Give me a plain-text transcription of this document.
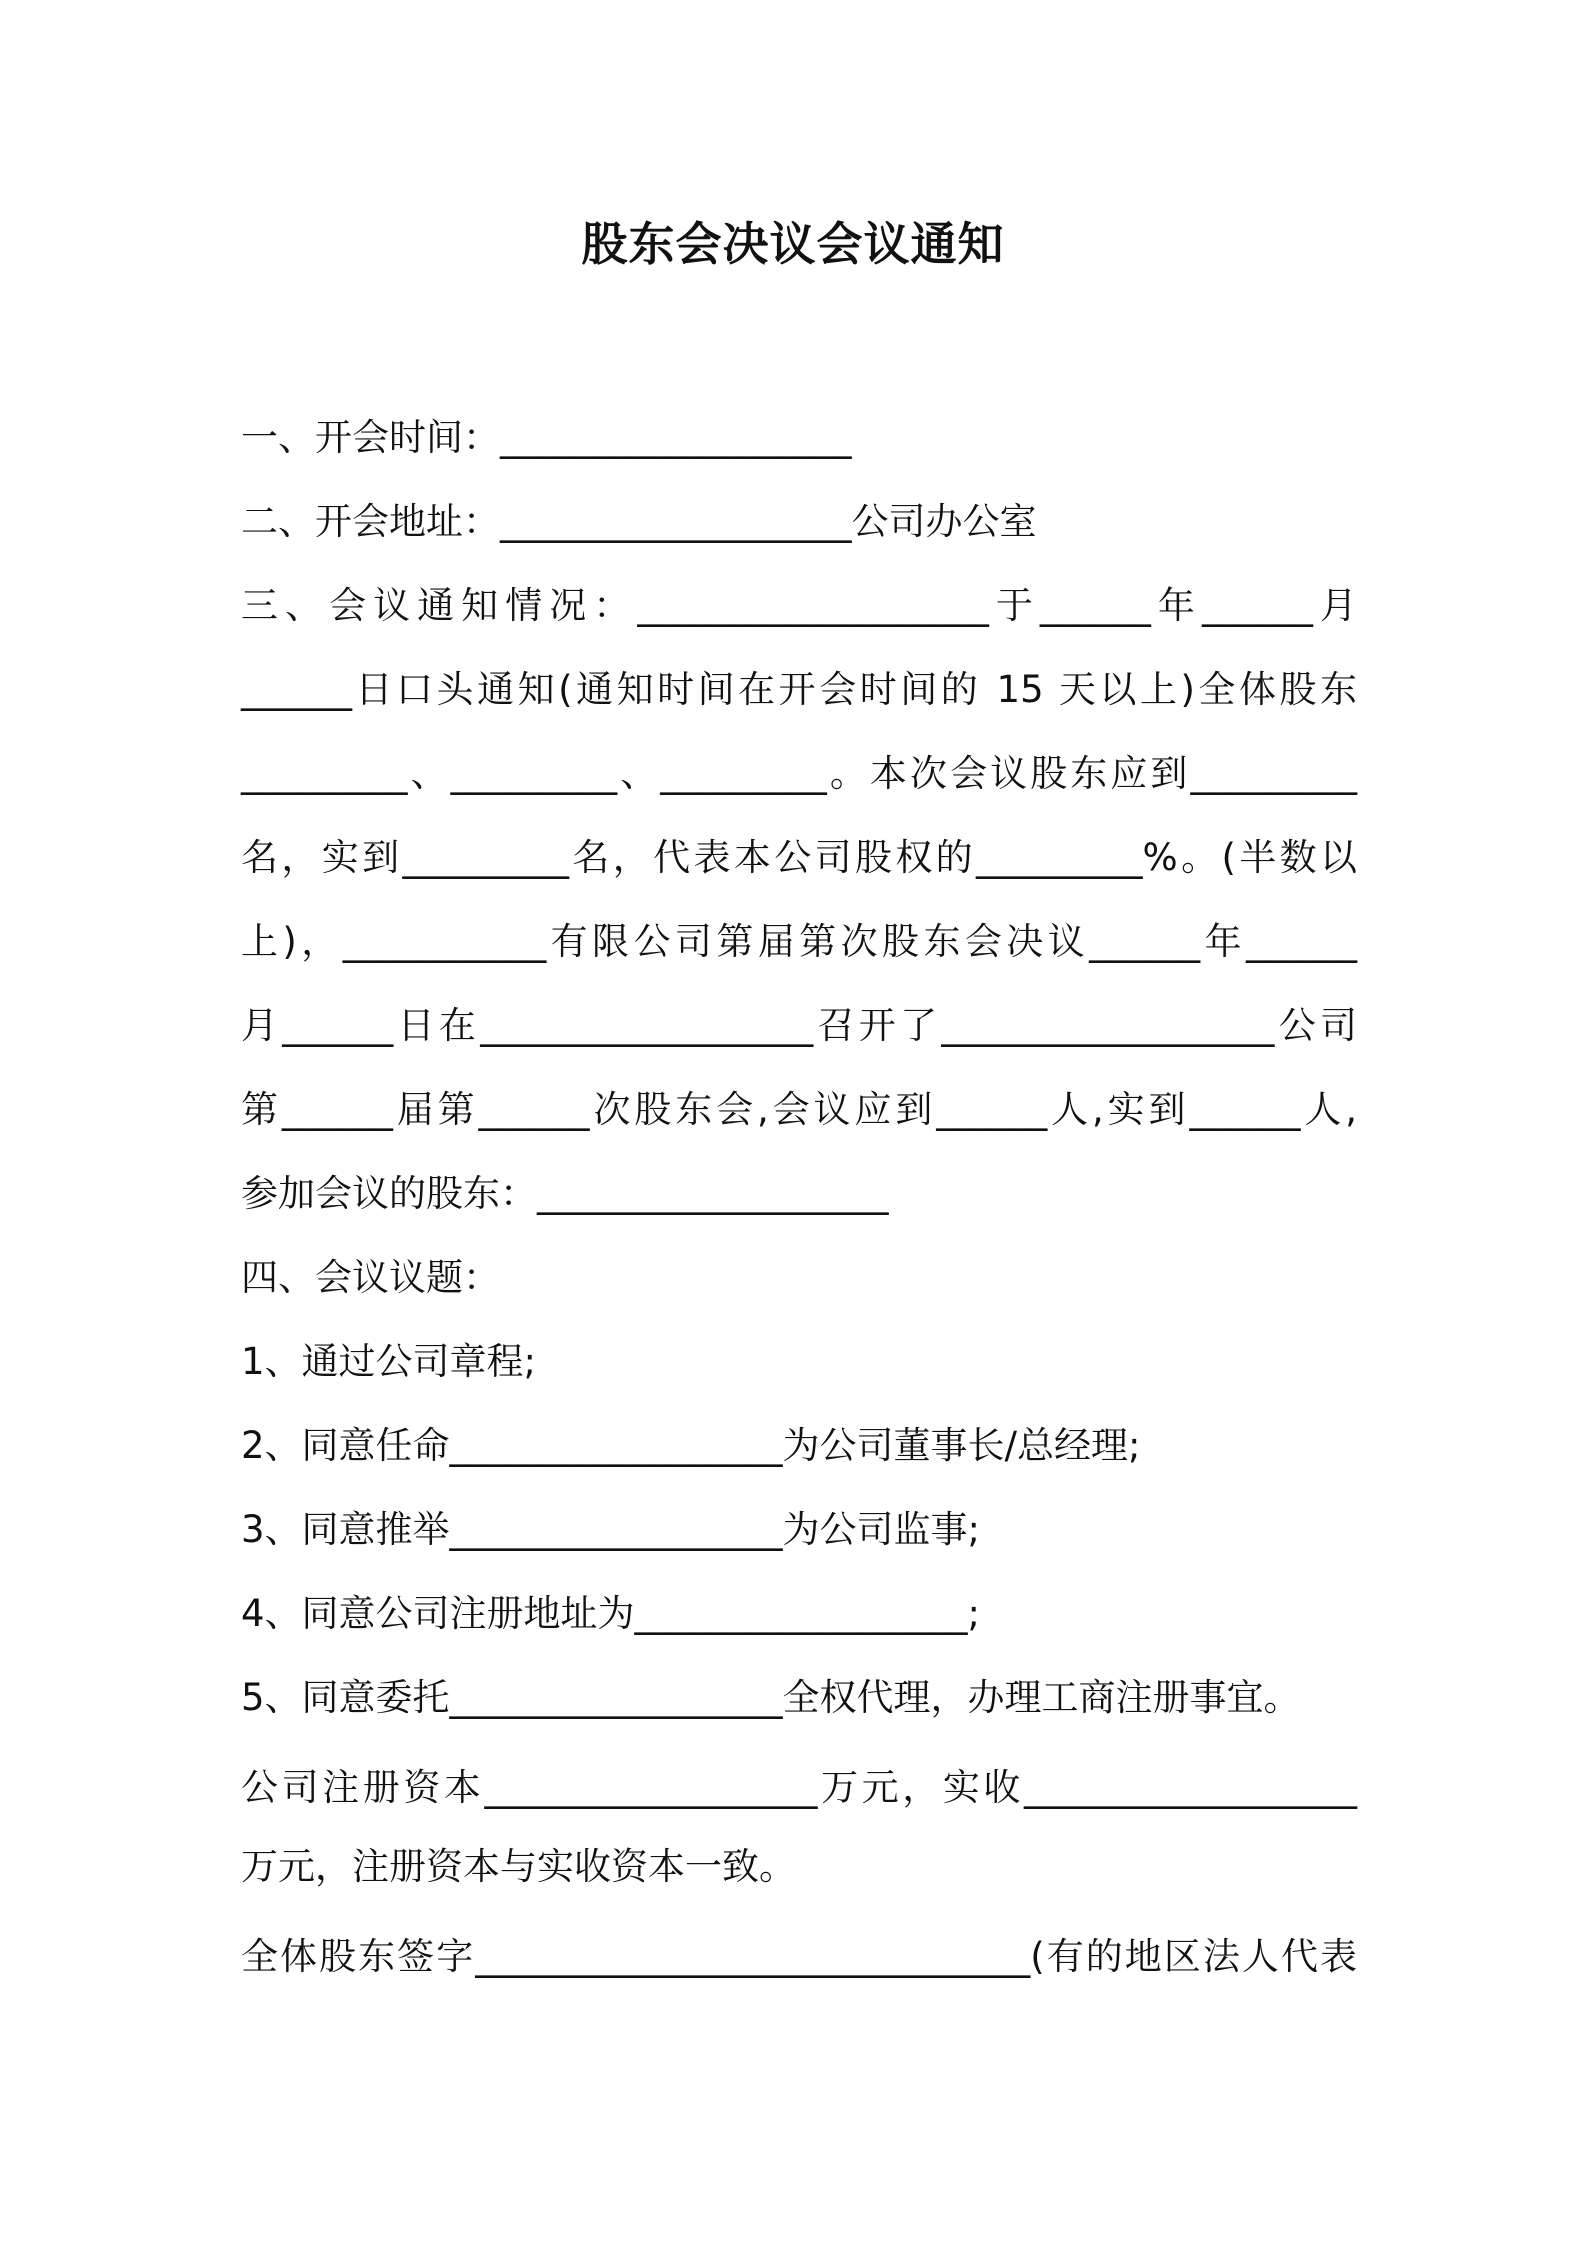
股东会决议会议通知
一、开会时间：___________________
二、开会地址：___________________公司办公室
三、会议通知情况：___________________于______年______月
______日口头通知(通知时间在开会时间的 15 天以上)全体股东
_________、_________、_________。本次会议股东应到_________
名，实到_________名，代表本公司股权的_________%。(半数以
上)，___________有限公司第届第次股东会决议______年______
月______日在__________________召开了__________________公司
第______届第______次股东会,会议应到______人,实到______人,
参加会议的股东：___________________
四、会议议题：
1、通过公司章程;
2、同意任命__________________为公司董事长/总经理;
3、同意推举__________________为公司监事;
4、同意公司注册地址为__________________;
5、同意委托__________________全权代理，办理工商注册事宜。
公司注册资本__________________万元，实收__________________
万元，注册资本与实收资本一致。
全体股东签字______________________________(有的地区法人代表
